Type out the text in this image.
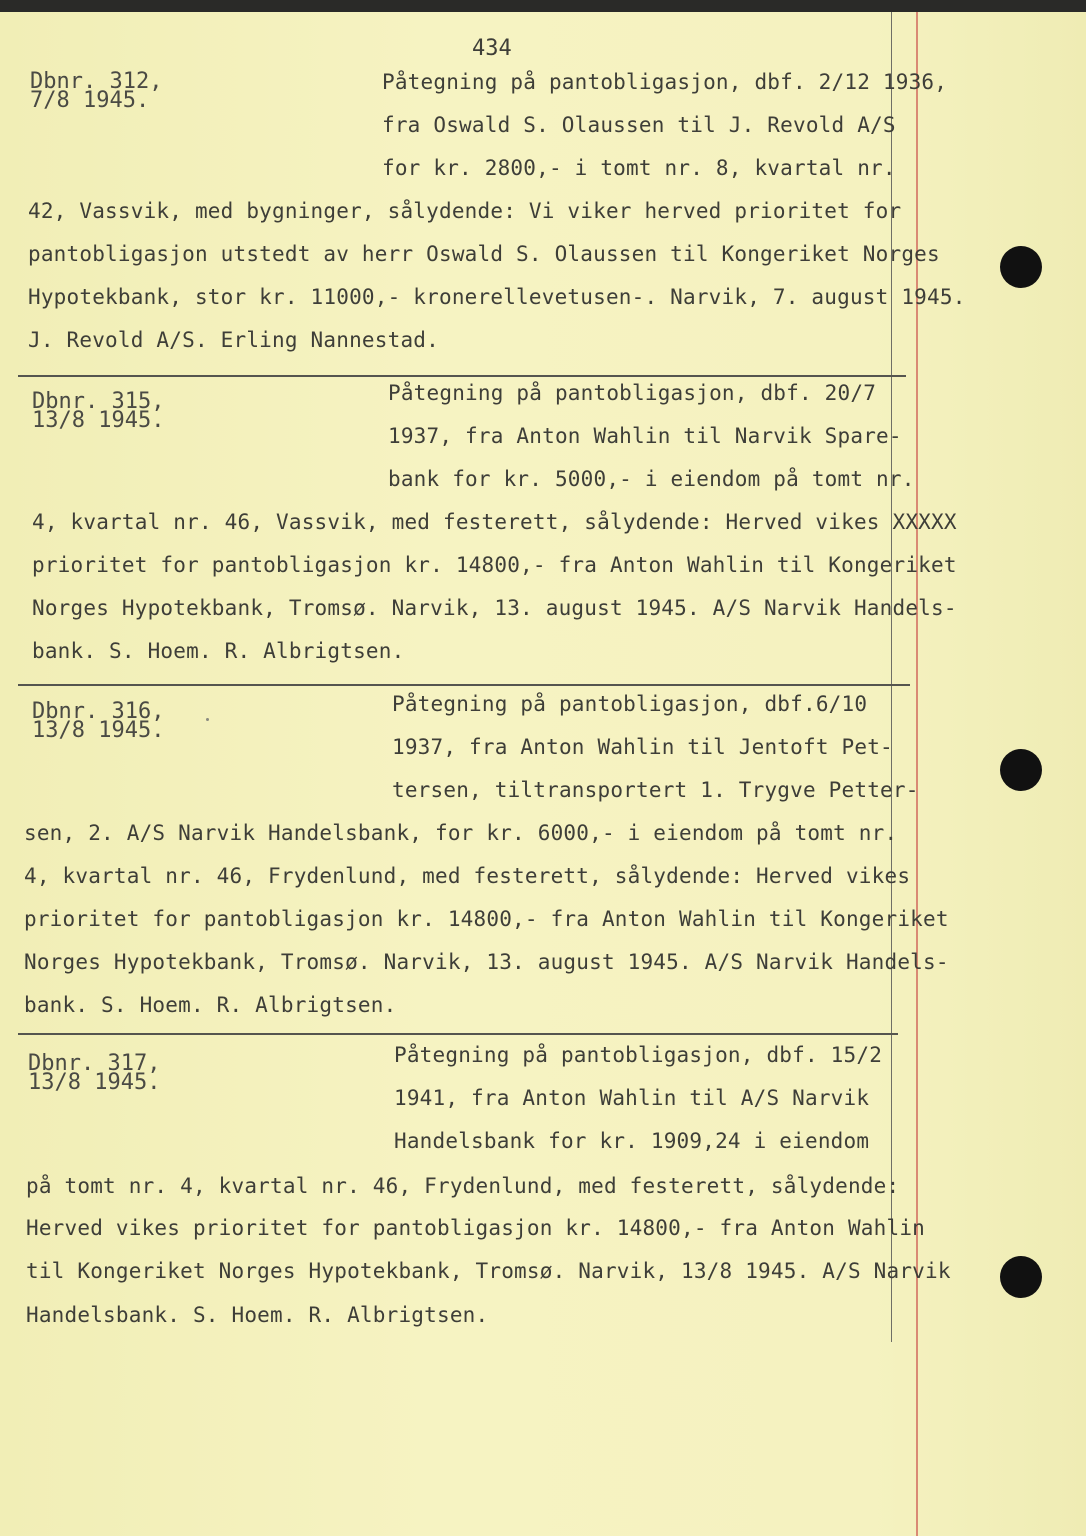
434
Dbnr. 312,
7/8 1945.
Påtegning på pantobligasjon, dbf. 2/12 1936,
fra Oswald S. Olaussen til J. Revold A/S
for kr. 2800,- i tomt nr. 8, kvartal nr.
42, Vassvik, med bygninger, sålydende: Vi viker herved prioritet for
pantobligasjon utstedt av herr Oswald S. Olaussen til Kongeriket Norges
Hypotekbank, stor kr. 11000,- kronerellevetusen-. Narvik, 7. august 1945.
J. Revold A/S. Erling Nannestad.
Dbnr. 315,
13/8 1945.
Påtegning på pantobligasjon, dbf. 20/7
1937, fra Anton Wahlin til Narvik Spare-
bank for kr. 5000,- i eiendom på tomt nr.
4, kvartal nr. 46, Vassvik, med festerett, sålydende: Herved vikes XXXXX
prioritet for pantobligasjon kr. 14800,- fra Anton Wahlin til Kongeriket
Norges Hypotekbank, Tromsø. Narvik, 13. august 1945. A/S Narvik Handels-
bank. S. Hoem. R. Albrigtsen.
Dbnr. 316,
13/8 1945.
Påtegning på pantobligasjon, dbf.6/10
1937, fra Anton Wahlin til Jentoft Pet-
tersen, tiltransportert 1. Trygve Petter-
sen, 2. A/S Narvik Handelsbank, for kr. 6000,- i eiendom på tomt nr.
4, kvartal nr. 46, Frydenlund, med festerett, sålydende: Herved vikes
prioritet for pantobligasjon kr. 14800,- fra Anton Wahlin til Kongeriket
Norges Hypotekbank, Tromsø. Narvik, 13. august 1945. A/S Narvik Handels-
bank. S. Hoem. R. Albrigtsen.
Dbnr. 317,
13/8 1945.
Påtegning på pantobligasjon, dbf. 15/2
1941, fra Anton Wahlin til A/S Narvik
Handelsbank for kr. 1909,24 i eiendom
på tomt nr. 4, kvartal nr. 46, Frydenlund, med festerett, sålydende:
Herved vikes prioritet for pantobligasjon kr. 14800,- fra Anton Wahlin
til Kongeriket Norges Hypotekbank, Tromsø. Narvik, 13/8 1945. A/S Narvik
Handelsbank. S. Hoem. R. Albrigtsen.
